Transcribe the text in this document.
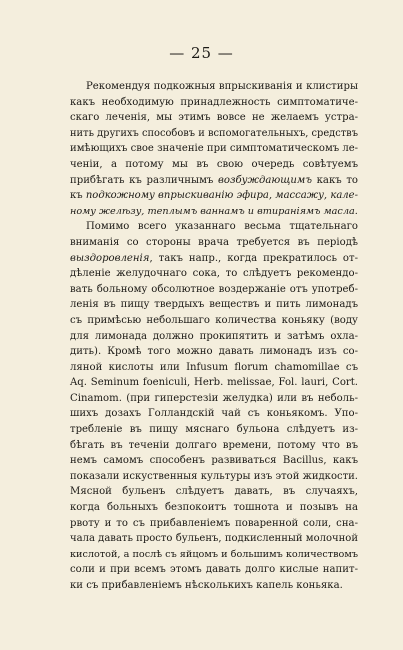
— 25 —
Рекомендуя подкожныя впрыскиванія и клистиры
какъ необходимую принадлежность симптоматиче-
скаго леченія, мы этимъ вовсе не желаемъ устра-
нить другихъ способовъ и вспомогательныхъ, средствъ
имѣющихъ свое значеніе при симптоматическомъ ле-
ченіи, а потому мы въ свою очередь совѣтуемъ
прибѣгать къ различнымъ возбуждающимъ какъ то
къ подкожному впрыскиванію эфира, массажу, кале-
ному желѣзу, теплымъ ваннамъ и втираніямъ масла.
Помимо всего указаннаго весьма тщательнаго
вниманія со стороны врача требуется въ періодѣ
выздоровленія, такъ напр., когда прекратилось от-
дѣленіе желудочнаго сока, то слѣдуетъ рекомендо-
вать больному обсолютное воздержаніе отъ употреб-
ленія въ пищу твердыхъ веществъ и пить лимонадъ
съ примѣсью небольшаго количества коньяку (воду
для лимонада должно прокипятить и затѣмъ охла-
дить). Кромѣ того можно давать лимонадъ изъ со-
ляной кислоты или Infusum florum chamomillae съ
Aq. Seminum foeniculi, Herb. melissae, Fol. lauri, Cort.
Cinamom. (при гиперстезіи желудка) или въ неболь-
шихъ дозахъ Голландскій чай съ коньякомъ. Упо-
требленіе въ пищу мяснаго бульона слѣдуетъ из-
бѣгать въ теченіи долгаго времени, потому что въ
немъ самомъ способенъ развиваться Bacillus, какъ
показали искуственныя культуры изъ этой жидкости.
Мясной бульенъ слѣдуетъ давать, въ случаяхъ,
когда больныхъ безпокоитъ тошнота и позывъ на
рвоту и то съ прибавленіемъ поваренной соли, сна-
чала давать просто бульенъ, подкисленный молочной
кислотой, а послѣ съ яйцомъ и большимъ количествомъ
соли и при всемъ этомъ давать долго кислые напит-
ки съ прибавленіемъ нѣсколькихъ капель коньяка.
